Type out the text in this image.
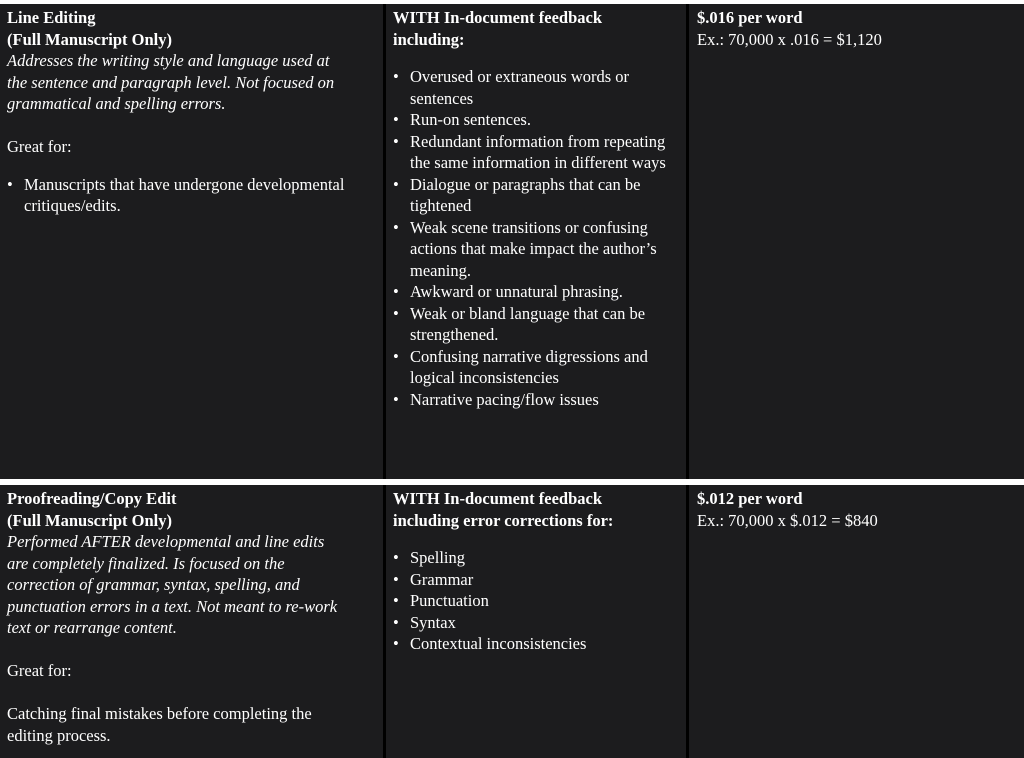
Line Editing
(Full Manuscript Only)
Addresses the writing style and language used at
the sentence and paragraph level. Not focused on
grammatical and spelling errors.
Great for:
• Manuscripts that have undergone developmental critiques/edits.
WITH In-document feedback
including:
• Overused or extraneous words or sentences
• Run-on sentences.
• Redundant information from repeating the same information in different ways
• Dialogue or paragraphs that can be tightened
• Weak scene transitions or confusing actions that make impact the author’s meaning.
• Awkward or unnatural phrasing.
• Weak or bland language that can be strengthened.
• Confusing narrative digressions and logical inconsistencies
• Narrative pacing/flow issues
$.016 per word
Ex.: 70,000 x .016 = $1,120
Proofreading/Copy Edit
(Full Manuscript Only)
Performed AFTER developmental and line edits
are completely finalized. Is focused on the
correction of grammar, syntax, spelling, and
punctuation errors in a text. Not meant to re-work
text or rearrange content.
Great for:
Catching final mistakes before completing the
editing process.
WITH In-document feedback
including error corrections for:
• Spelling
• Grammar
• Punctuation
• Syntax
• Contextual inconsistencies
$.012 per word
Ex.: 70,000 x $.012 = $840
